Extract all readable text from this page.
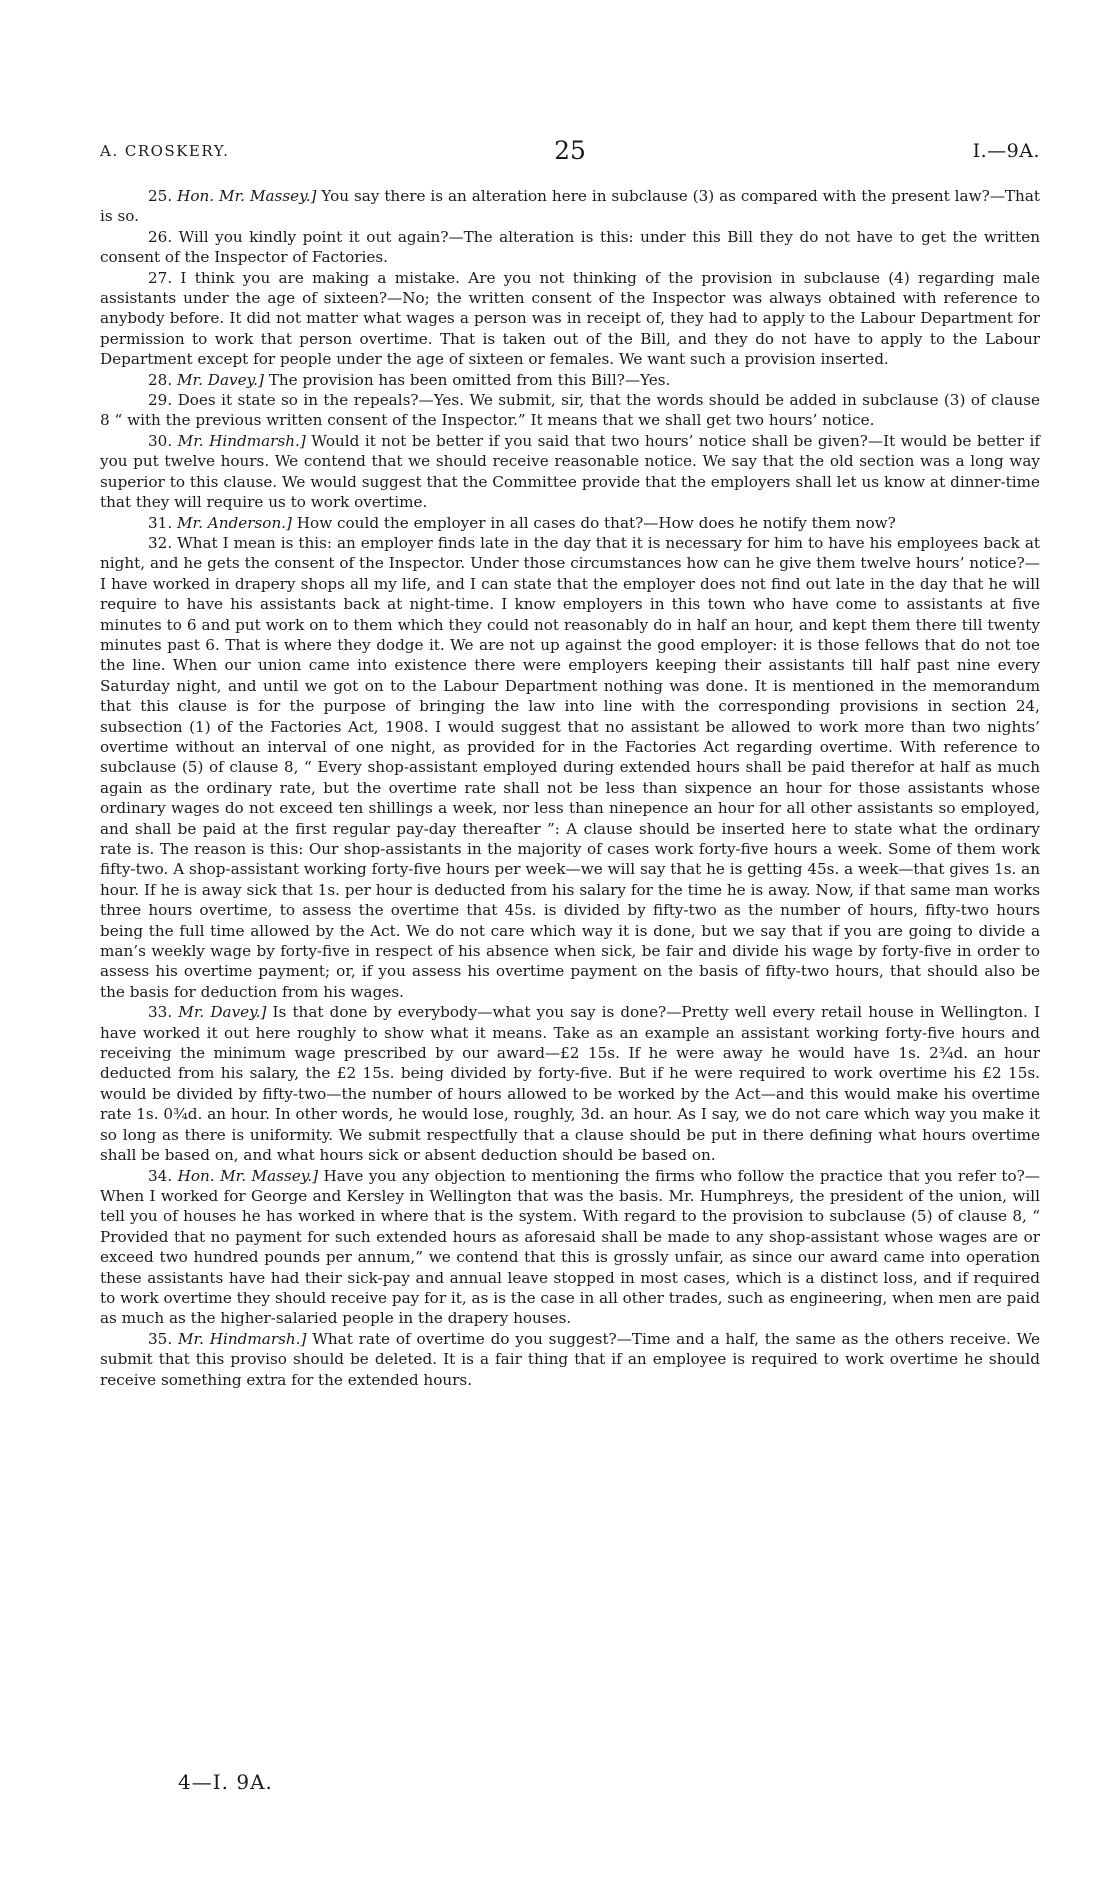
A. CROSKERY.	25	I.—9A.

25. Hon. Mr. Massey.] You say there is an alteration here in subclause (3) as compared with the present law?—That is so.

26. Will you kindly point it out again?—The alteration is this: under this Bill they do not have to get the written consent of the Inspector of Factories.

27. I think you are making a mistake. Are you not thinking of the provision in subclause (4) regarding male assistants under the age of sixteen?—No; the written consent of the Inspector was always obtained with reference to anybody before. It did not matter what wages a person was in receipt of, they had to apply to the Labour Department for permission to work that person overtime. That is taken out of the Bill, and they do not have to apply to the Labour Department except for people under the age of sixteen or females. We want such a provision inserted.

28. Mr. Davey.] The provision has been omitted from this Bill?—Yes.

29. Does it state so in the repeals?—Yes. We submit, sir, that the words should be added in subclause (3) of clause 8 “ with the previous written consent of the Inspector.” It means that we shall get two hours’ notice.

30. Mr. Hindmarsh.] Would it not be better if you said that two hours’ notice shall be given?—It would be better if you put twelve hours. We contend that we should receive reasonable notice. We say that the old section was a long way superior to this clause. We would suggest that the Committee provide that the employers shall let us know at dinner-time that they will require us to work overtime.

31. Mr. Anderson.] How could the employer in all cases do that?—How does he notify them now?

32. What I mean is this: an employer finds late in the day that it is necessary for him to have his employees back at night, and he gets the consent of the Inspector. Under those circumstances how can he give them twelve hours’ notice?—I have worked in drapery shops all my life, and I can state that the employer does not find out late in the day that he will require to have his assistants back at night-time. I know employers in this town who have come to assistants at five minutes to 6 and put work on to them which they could not reasonably do in half an hour, and kept them there till twenty minutes past 6. That is where they dodge it. We are not up against the good employer: it is those fellows that do not toe the line. When our union came into existence there were employers keeping their assistants till half past nine every Saturday night, and until we got on to the Labour Department nothing was done. It is mentioned in the memorandum that this clause is for the purpose of bringing the law into line with the corresponding provisions in section 24, subsection (1) of the Factories Act, 1908. I would suggest that no assistant be allowed to work more than two nights’ overtime without an interval of one night, as provided for in the Factories Act regarding overtime. With reference to subclause (5) of clause 8, “ Every shop-assistant employed during extended hours shall be paid therefor at half as much again as the ordinary rate, but the overtime rate shall not be less than sixpence an hour for those assistants whose ordinary wages do not exceed ten shillings a week, nor less than ninepence an hour for all other assistants so employed, and shall be paid at the first regular pay-day thereafter ”: A clause should be inserted here to state what the ordinary rate is. The reason is this: Our shop-assistants in the majority of cases work forty-five hours a week. Some of them work fifty-two. A shop-assistant working forty-five hours per week—we will say that he is getting 45s. a week—that gives 1s. an hour. If he is away sick that 1s. per hour is deducted from his salary for the time he is away. Now, if that same man works three hours overtime, to assess the overtime that 45s. is divided by fifty-two as the number of hours, fifty-two hours being the full time allowed by the Act. We do not care which way it is done, but we say that if you are going to divide a man’s weekly wage by forty-five in respect of his absence when sick, be fair and divide his wage by forty-five in order to assess his overtime payment; or, if you assess his overtime payment on the basis of fifty-two hours, that should also be the basis for deduction from his wages.

33. Mr. Davey.] Is that done by everybody—what you say is done?—Pretty well every retail house in Wellington. I have worked it out here roughly to show what it means. Take as an example an assistant working forty-five hours and receiving the minimum wage prescribed by our award—£2 15s. If he were away he would have 1s. 2¾d. an hour deducted from his salary, the £2 15s. being divided by forty-five. But if he were required to work overtime his £2 15s. would be divided by fifty-two—the number of hours allowed to be worked by the Act—and this would make his overtime rate 1s. 0¾d. an hour. In other words, he would lose, roughly, 3d. an hour. As I say, we do not care which way you make it so long as there is uniformity. We submit respectfully that a clause should be put in there defining what hours overtime shall be based on, and what hours sick or absent deduction should be based on.

34. Hon. Mr. Massey.] Have you any objection to mentioning the firms who follow the practice that you refer to?—When I worked for George and Kersley in Wellington that was the basis. Mr. Humphreys, the president of the union, will tell you of houses he has worked in where that is the system. With regard to the provision to subclause (5) of clause 8, “ Provided that no payment for such extended hours as aforesaid shall be made to any shop-assistant whose wages are or exceed two hundred pounds per annum,” we contend that this is grossly unfair, as since our award came into operation these assistants have had their sick-pay and annual leave stopped in most cases, which is a distinct loss, and if required to work overtime they should receive pay for it, as is the case in all other trades, such as engineering, when men are paid as much as the higher-salaried people in the drapery houses.

35. Mr. Hindmarsh.] What rate of overtime do you suggest?—Time and a half, the same as the others receive. We submit that this proviso should be deleted. It is a fair thing that if an employee is required to work overtime he should receive something extra for the extended hours.

4—I. 9A.
